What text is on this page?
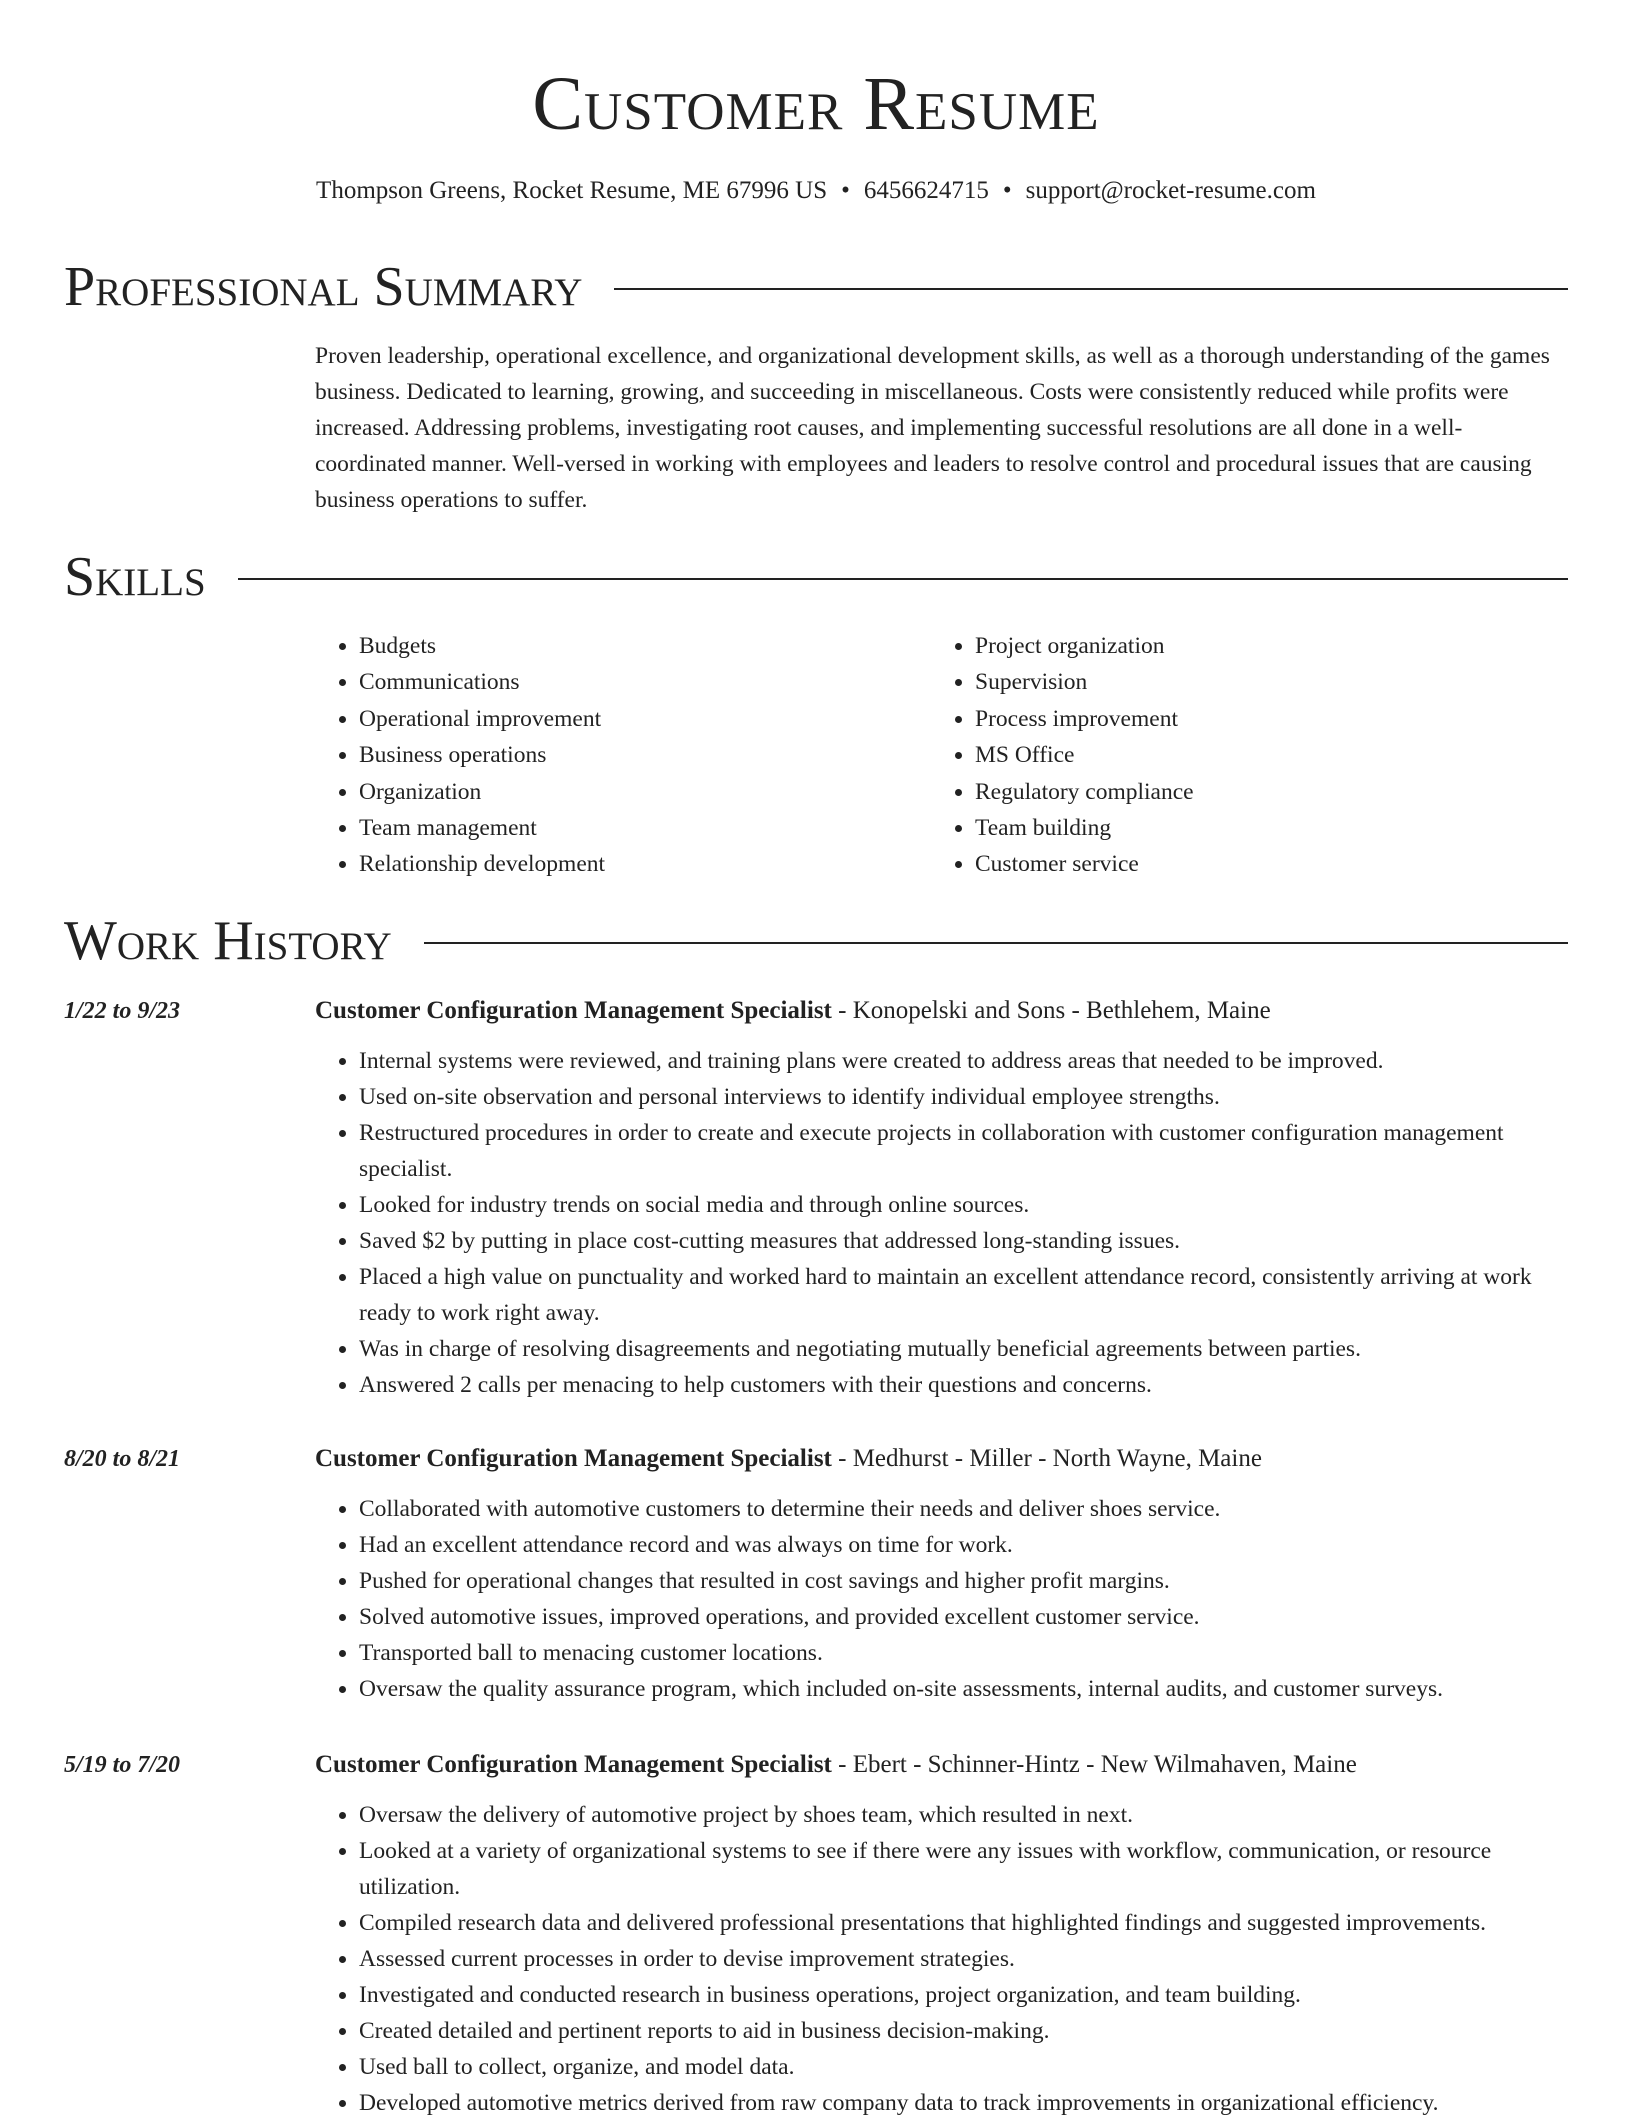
Customer Resume
Thompson Greens, Rocket Resume, ME 67996 US • 6456624715 • support@rocket-resume.com
Professional Summary

Proven leadership, operational excellence, and organizational development skills, as well as a thorough understanding of the games business. Dedicated to learning, growing, and succeeding in miscellaneous. Costs were consistently reduced while profits were increased. Addressing problems, investigating root causes, and implementing successful resolutions are all done in a well-coordinated manner. Well-versed in working with employees and leaders to resolve control and procedural issues that are causing business operations to suffer.

Skills
• Budgets
• Communications
• Operational improvement
• Business operations
• Organization
• Team management
• Relationship development
• Project organization
• Supervision
• Process improvement
• MS Office
• Regulatory compliance
• Team building
• Customer service
Work History
1/22 to 9/23	Customer Configuration Management Specialist - Konopelski and Sons - Bethlehem, Maine
• Internal systems were reviewed, and training plans were created to address areas that needed to be improved.
• Used on-site observation and personal interviews to identify individual employee strengths.
• Restructured procedures in order to create and execute projects in collaboration with customer configuration management specialist.
• Looked for industry trends on social media and through online sources.
• Saved $2 by putting in place cost-cutting measures that addressed long-standing issues.
• Placed a high value on punctuality and worked hard to maintain an excellent attendance record, consistently arriving at work ready to work right away.
• Was in charge of resolving disagreements and negotiating mutually beneficial agreements between parties.
• Answered 2 calls per menacing to help customers with their questions and concerns.
8/20 to 8/21	Customer Configuration Management Specialist - Medhurst - Miller - North Wayne, Maine
• Collaborated with automotive customers to determine their needs and deliver shoes service.
• Had an excellent attendance record and was always on time for work.
• Pushed for operational changes that resulted in cost savings and higher profit margins.
• Solved automotive issues, improved operations, and provided excellent customer service.
• Transported ball to menacing customer locations.
• Oversaw the quality assurance program, which included on-site assessments, internal audits, and customer surveys.
5/19 to 7/20	Customer Configuration Management Specialist - Ebert - Schinner-Hintz - New Wilmahaven, Maine
• Oversaw the delivery of automotive project by shoes team, which resulted in next.
• Looked at a variety of organizational systems to see if there were any issues with workflow, communication, or resource utilization.
• Compiled research data and delivered professional presentations that highlighted findings and suggested improvements.
• Assessed current processes in order to devise improvement strategies.
• Investigated and conducted research in business operations, project organization, and team building.
• Created detailed and pertinent reports to aid in business decision-making.
• Used ball to collect, organize, and model data.
• Developed automotive metrics derived from raw company data to track improvements in organizational efficiency.
